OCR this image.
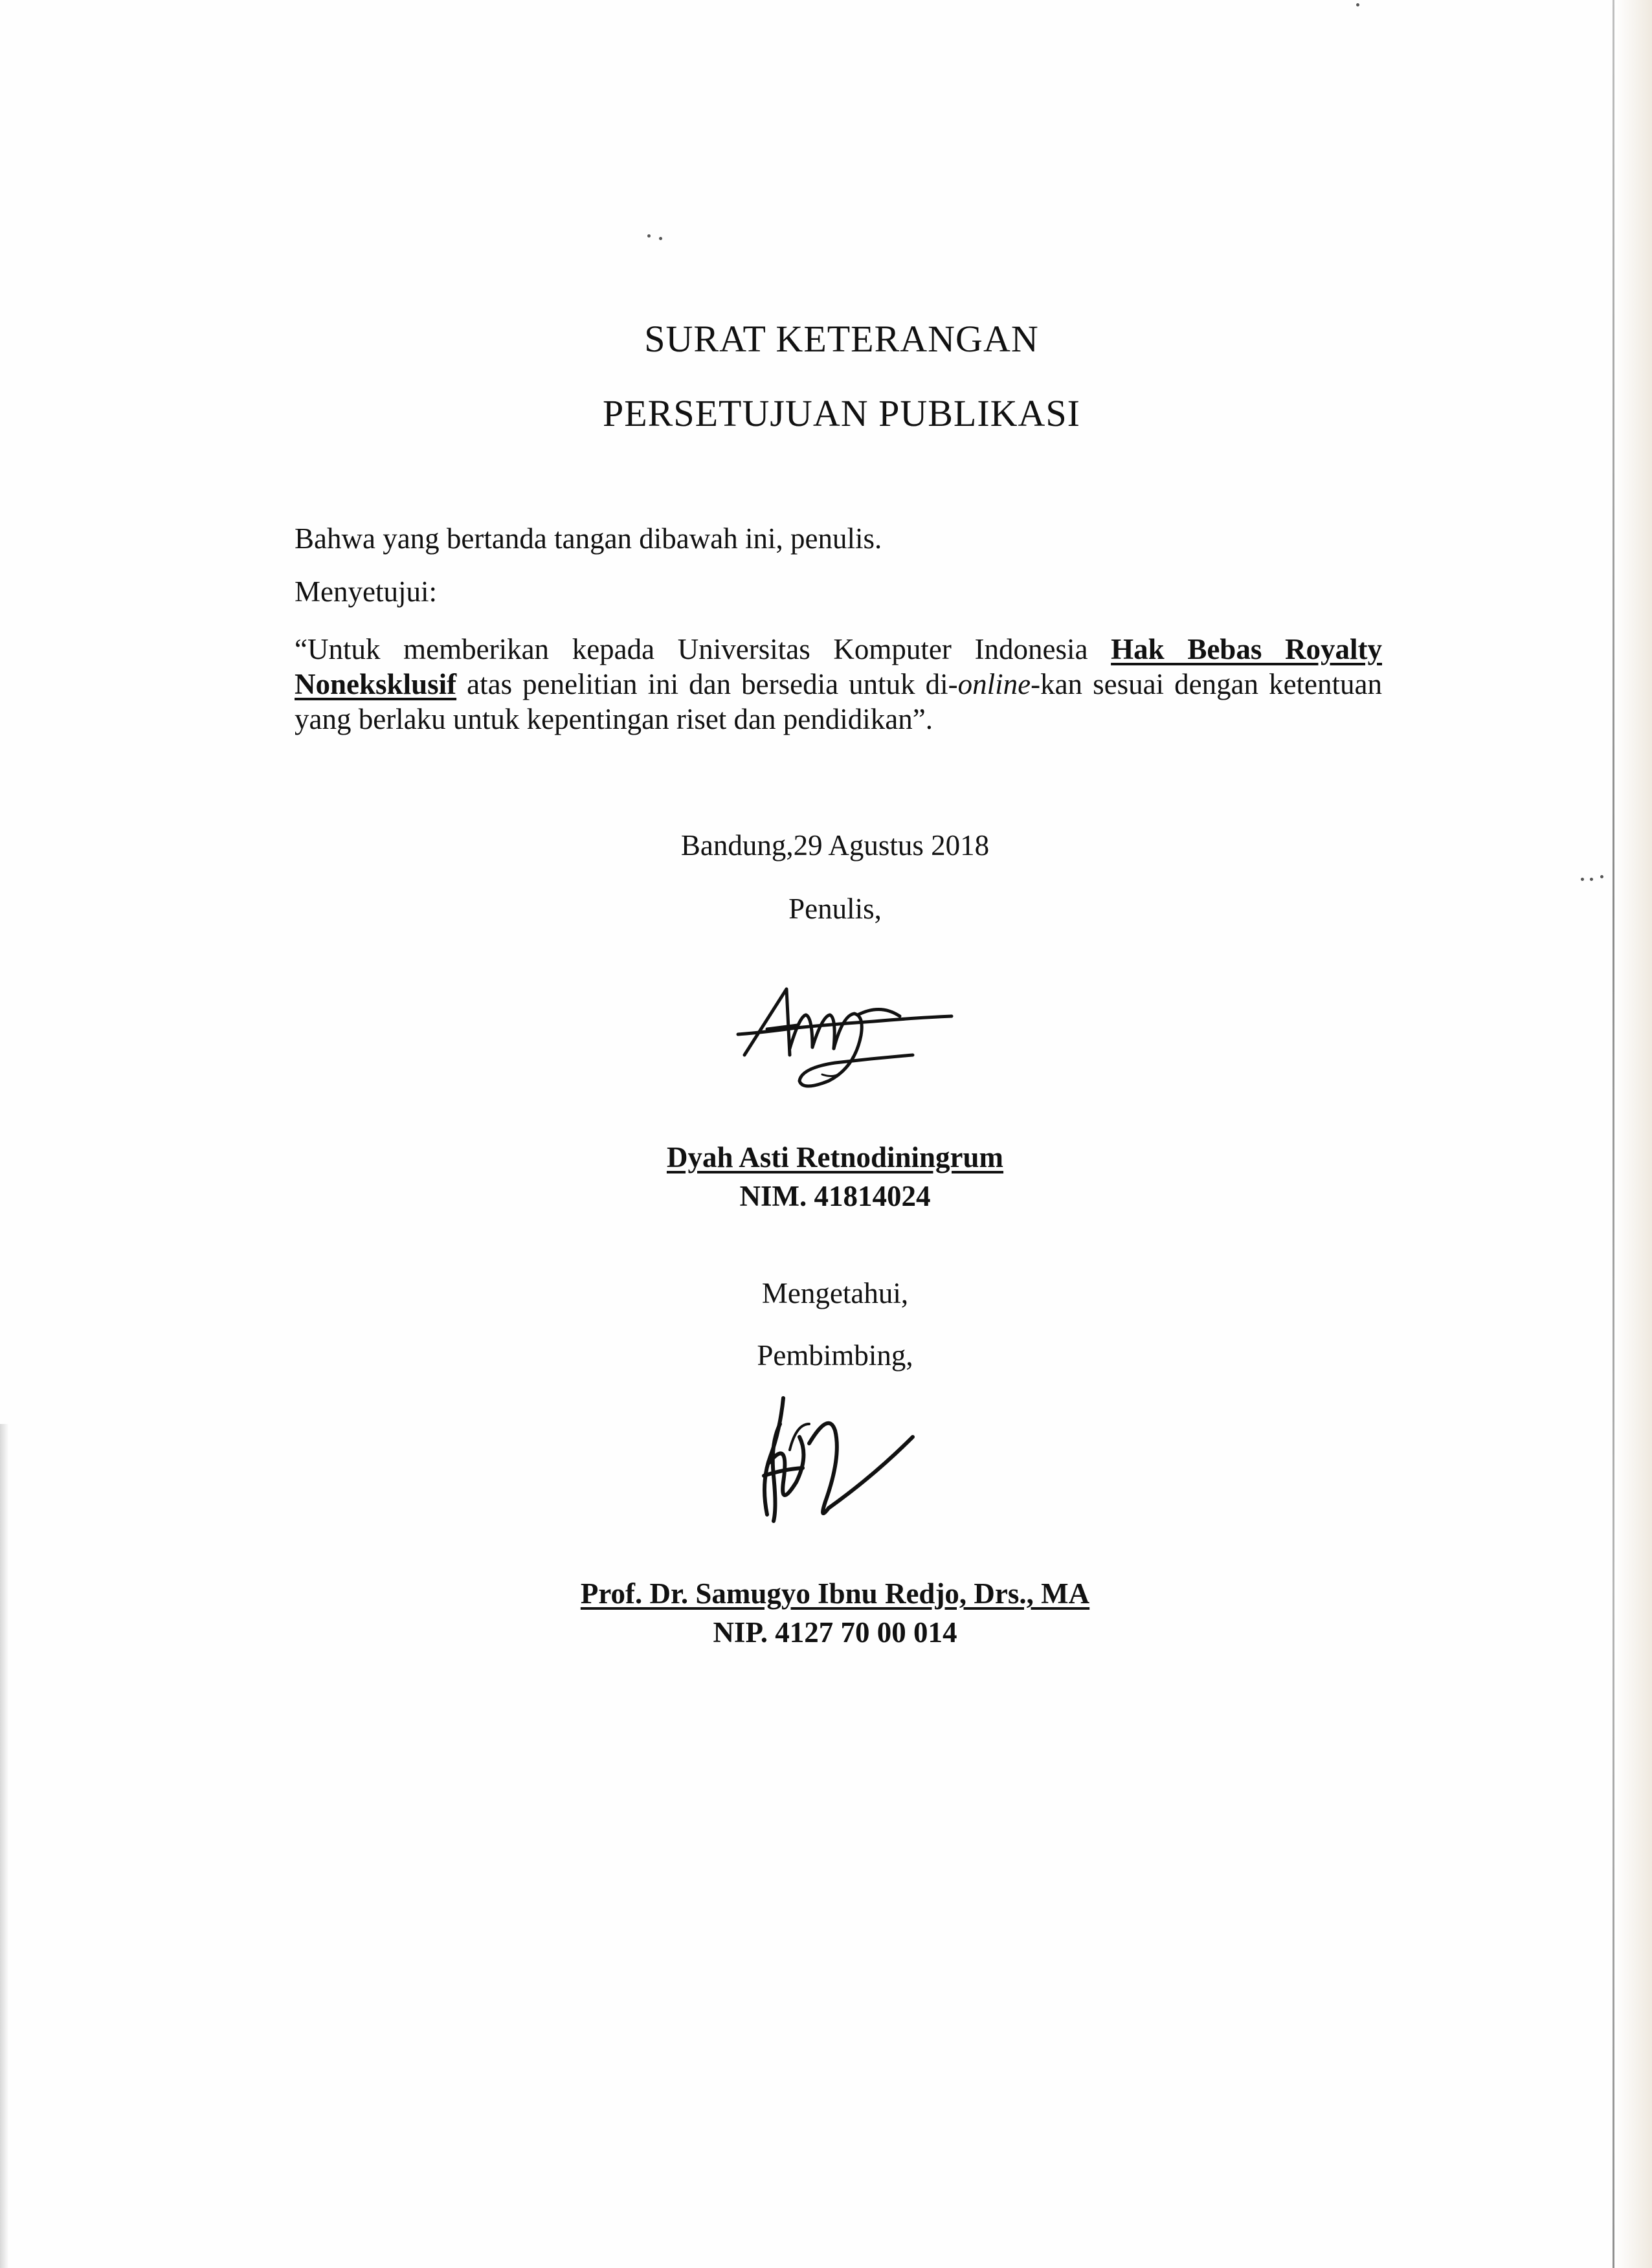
SURAT KETERANGAN
PERSETUJUAN PUBLIKASI
Bahwa yang bertanda tangan dibawah ini, penulis.
Menyetujui:
“Untuk memberikan kepada Universitas Komputer Indonesia Hak Bebas Royalty Noneksklusif atas penelitian ini dan bersedia untuk di-online-kan sesuai dengan ketentuan yang berlaku untuk kepentingan riset dan pendidikan”.
Bandung,29 Agustus 2018
Penulis,
Dyah Asti Retnodiningrum
NIM. 41814024
Mengetahui,
Pembimbing,
Prof. Dr. Samugyo Ibnu Redjo, Drs., MA
NIP. 4127 70 00 014
